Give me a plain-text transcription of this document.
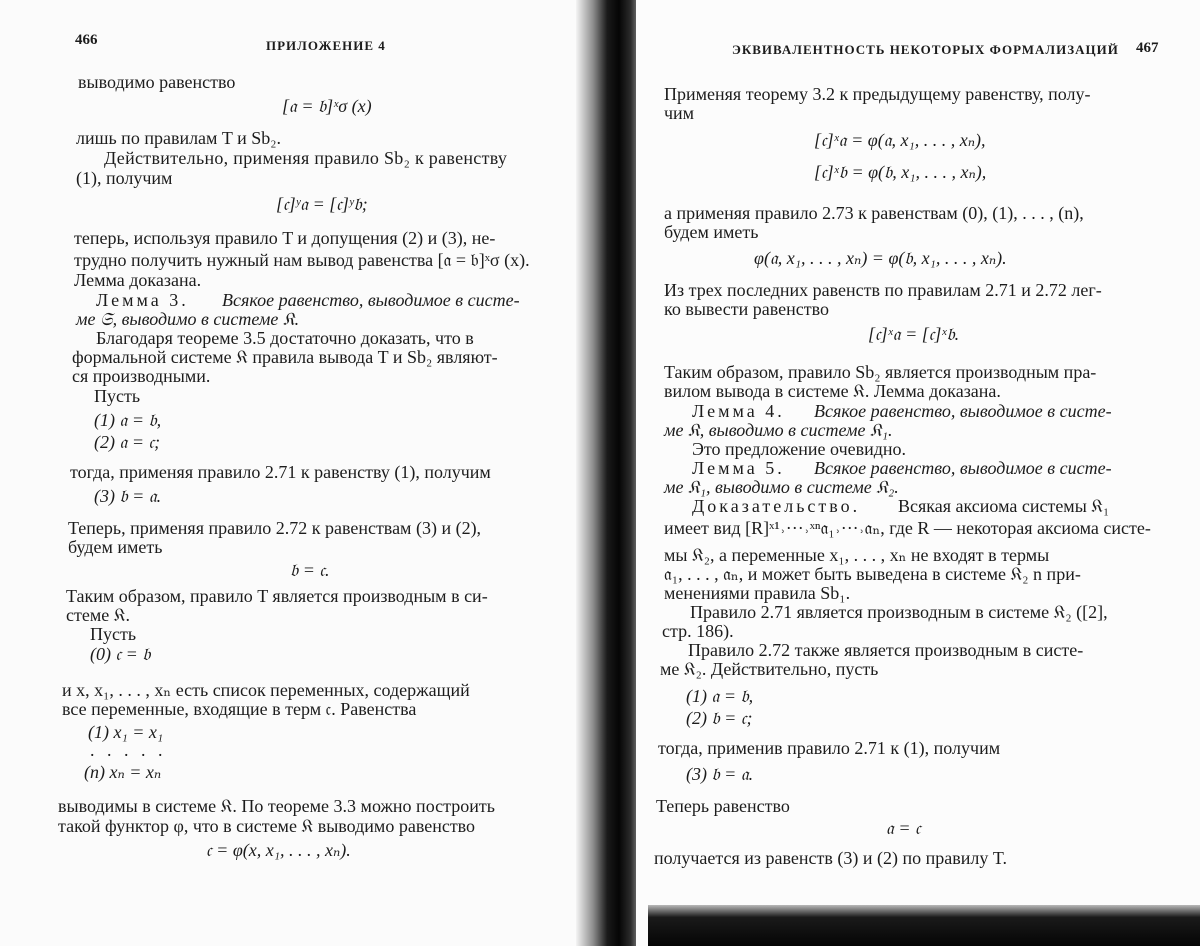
466	ПРИЛОЖЕНИЕ 4
выводимо равенство
[𝔞 = 𝔟]ˣσ (x)
лишь по правилам T и Sb₂.
Действительно, применяя правило Sb₂ к равенству
(1), получим
[𝔠]ʸ𝔞 = [𝔠]ʸ𝔟;
теперь, используя правило T и допущения (2) и (3), не-
трудно получить нужный нам вывод равенства [𝔞 = 𝔟]ˣσ (x).
Лемма доказана.
Лемма 3. Всякое равенство, выводимое в систе-
ме 𝔖, выводимо в системе 𝔎.
Благодаря теореме 3.5 достаточно доказать, что в
формальной системе 𝔎 правила вывода T и Sb₂ являют-
ся производными.
Пусть
(1) 𝔞 = 𝔟,
(2) 𝔞 = 𝔠;
тогда, применяя правило 2.71 к равенству (1), получим
(3) 𝔟 = 𝔞.
Теперь, применяя правило 2.72 к равенствам (3) и (2),
будем иметь
𝔟 = 𝔠.
Таким образом, правило T является производным в си-
стеме 𝔎.
Пусть
(0) 𝔠 = 𝔟
и x, x₁, . . . , xₙ есть список переменных, содержащий
все переменные, входящие в терм 𝔠. Равенства
(1) x₁ = x₁
. . . . .
(n) xₙ = xₙ
выводимы в системе 𝔎. По теореме 3.3 можно построить
такой функтор φ, что в системе 𝔎 выводимо равенство
𝔠 = φ(x, x₁, . . . , xₙ).
ЭКВИВАЛЕНТНОСТЬ НЕКОТОРЫХ ФОРМАЛИЗАЦИЙ 467
Применяя теорему 3.2 к предыдущему равенству, полу-
чим
[𝔠]ˣ𝔞 = φ(𝔞, x₁, . . . , xₙ),
[𝔠]ˣ𝔟 = φ(𝔟, x₁, . . . , xₙ),
а применяя правило 2.73 к равенствам (0), (1), . . . , (n),
будем иметь
φ(𝔞, x₁, . . . , xₙ) = φ(𝔟, x₁, . . . , xₙ).
Из трех последних равенств по правилам 2.71 и 2.72 лег-
ко вывести равенство
[𝔠]ˣ𝔞 = [𝔠]ˣ𝔟.
Таким образом, правило Sb₂ является производным пра-
вилом вывода в системе 𝔎. Лемма доказана.
Лемма 4. Всякое равенство, выводимое в систе-
ме 𝔎, выводимо в системе 𝔎₁.
Это предложение очевидно.
Лемма 5. Всякое равенство, выводимое в систе-
ме 𝔎₁, выводимо в системе 𝔎₂.
Доказательство. Всякая аксиома системы 𝔎₁
имеет вид [R]ˣ¹˒···˒ˣⁿ𝔞₁˒···˒𝔞ₙ, где R — некоторая аксиома систе-
мы 𝔎₂, а переменные x₁, . . . , xₙ не входят в термы
𝔞₁, . . . , 𝔞ₙ, и может быть выведена в системе 𝔎₂ n при-
менениями правила Sb₁.
Правило 2.71 является производным в системе 𝔎₂ ([2],
стр. 186).
Правило 2.72 также является производным в систе-
ме 𝔎₂. Действительно, пусть
(1) 𝔞 = 𝔟,
(2) 𝔟 = 𝔠;
тогда, применив правило 2.71 к (1), получим
(3) 𝔟 = 𝔞.
Теперь равенство
𝔞 = 𝔠
получается из равенств (3) и (2) по правилу T.
